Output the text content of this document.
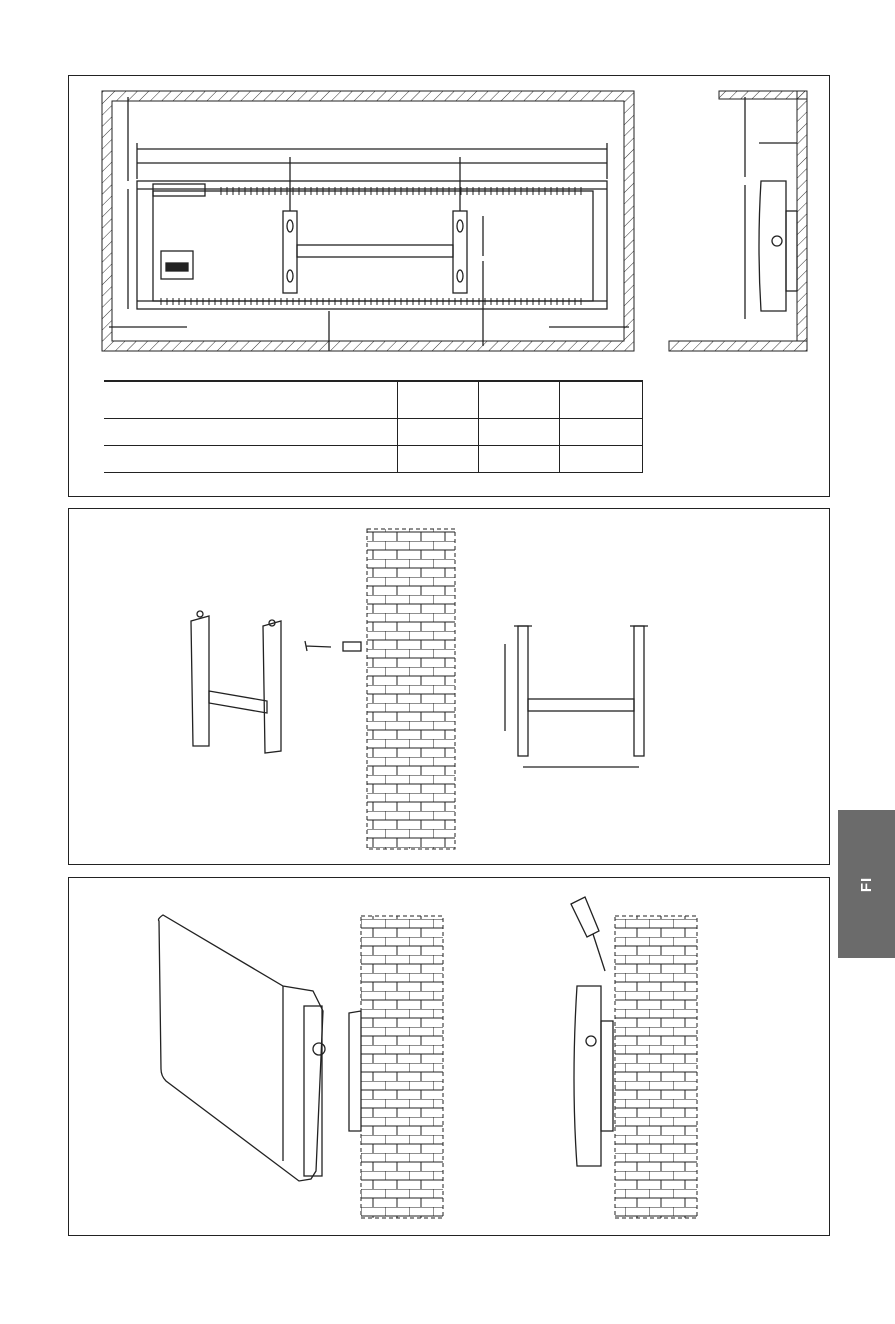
FI
